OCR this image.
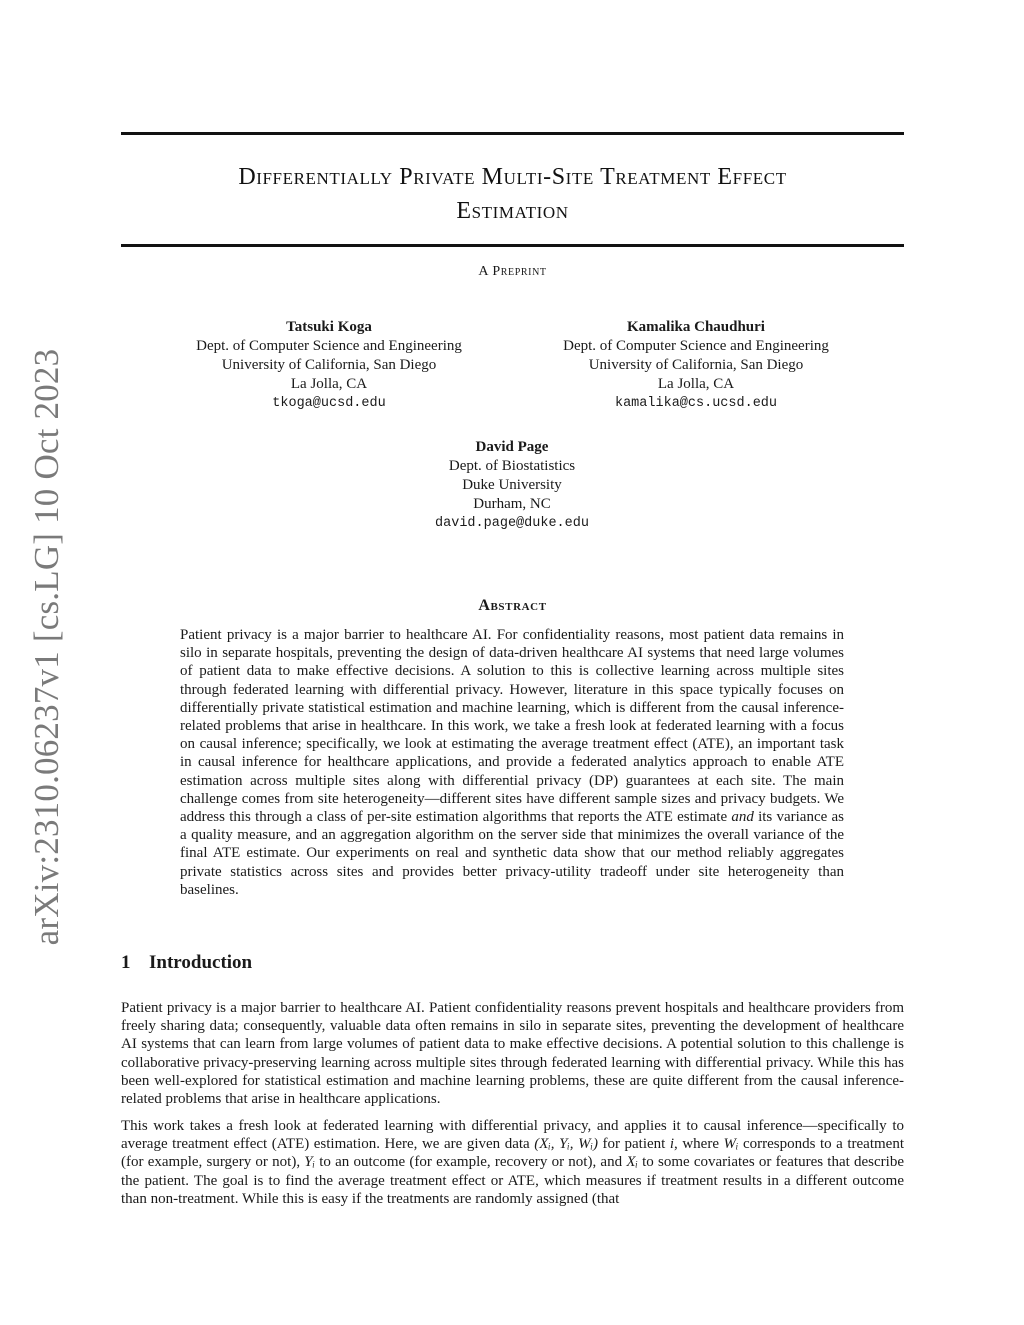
arXiv:2310.06237v1 [cs.LG] 10 Oct 2023
Differentially Private Multi-Site Treatment Effect
Estimation
A Preprint
Tatsuki Koga
Dept. of Computer Science and Engineering
University of California, San Diego
La Jolla, CA
tkoga@ucsd.edu
Kamalika Chaudhuri
Dept. of Computer Science and Engineering
University of California, San Diego
La Jolla, CA
kamalika@cs.ucsd.edu
David Page
Dept. of Biostatistics
Duke University
Durham, NC
david.page@duke.edu
Abstract
Patient privacy is a major barrier to healthcare AI. For confidentiality reasons, most patient data remains in silo in separate hospitals, preventing the design of data-driven healthcare AI systems that need large volumes of patient data to make effective decisions. A solution to this is collective learning across multiple sites through federated learning with differential privacy. However, literature in this space typically focuses on differentially private statistical estimation and machine learning, which is different from the causal inference-related problems that arise in healthcare. In this work, we take a fresh look at federated learning with a focus on causal inference; specifically, we look at estimating the average treatment effect (ATE), an important task in causal inference for healthcare applications, and provide a federated analytics approach to enable ATE estimation across multiple sites along with differential privacy (DP) guarantees at each site. The main challenge comes from site heterogeneity—different sites have different sample sizes and privacy budgets. We address this through a class of per-site estimation algorithms that reports the ATE estimate and its variance as a quality measure, and an aggregation algorithm on the server side that minimizes the overall variance of the final ATE estimate. Our experiments on real and synthetic data show that our method reliably aggregates private statistics across sites and provides better privacy-utility tradeoff under site heterogeneity than baselines.
1 Introduction
Patient privacy is a major barrier to healthcare AI. Patient confidentiality reasons prevent hospitals and healthcare providers from freely sharing data; consequently, valuable data often remains in silo in separate sites, preventing the development of healthcare AI systems that can learn from large volumes of patient data to make effective decisions. A potential solution to this challenge is collaborative privacy-preserving learning across multiple sites through federated learning with differential privacy. While this has been well-explored for statistical estimation and machine learning problems, these are quite different from the causal inference-related problems that arise in healthcare applications.
This work takes a fresh look at federated learning with differential privacy, and applies it to causal inference—specifically to average treatment effect (ATE) estimation. Here, we are given data (Xᵢ, Yᵢ, Wᵢ) for patient i, where Wᵢ corresponds to a treatment (for example, surgery or not), Yᵢ to an outcome (for example, recovery or not), and Xᵢ to some covariates or features that describe the patient. The goal is to find the average treatment effect or ATE, which measures if treatment results in a different outcome than non-treatment. While this is easy if the treatments are randomly assigned (that
